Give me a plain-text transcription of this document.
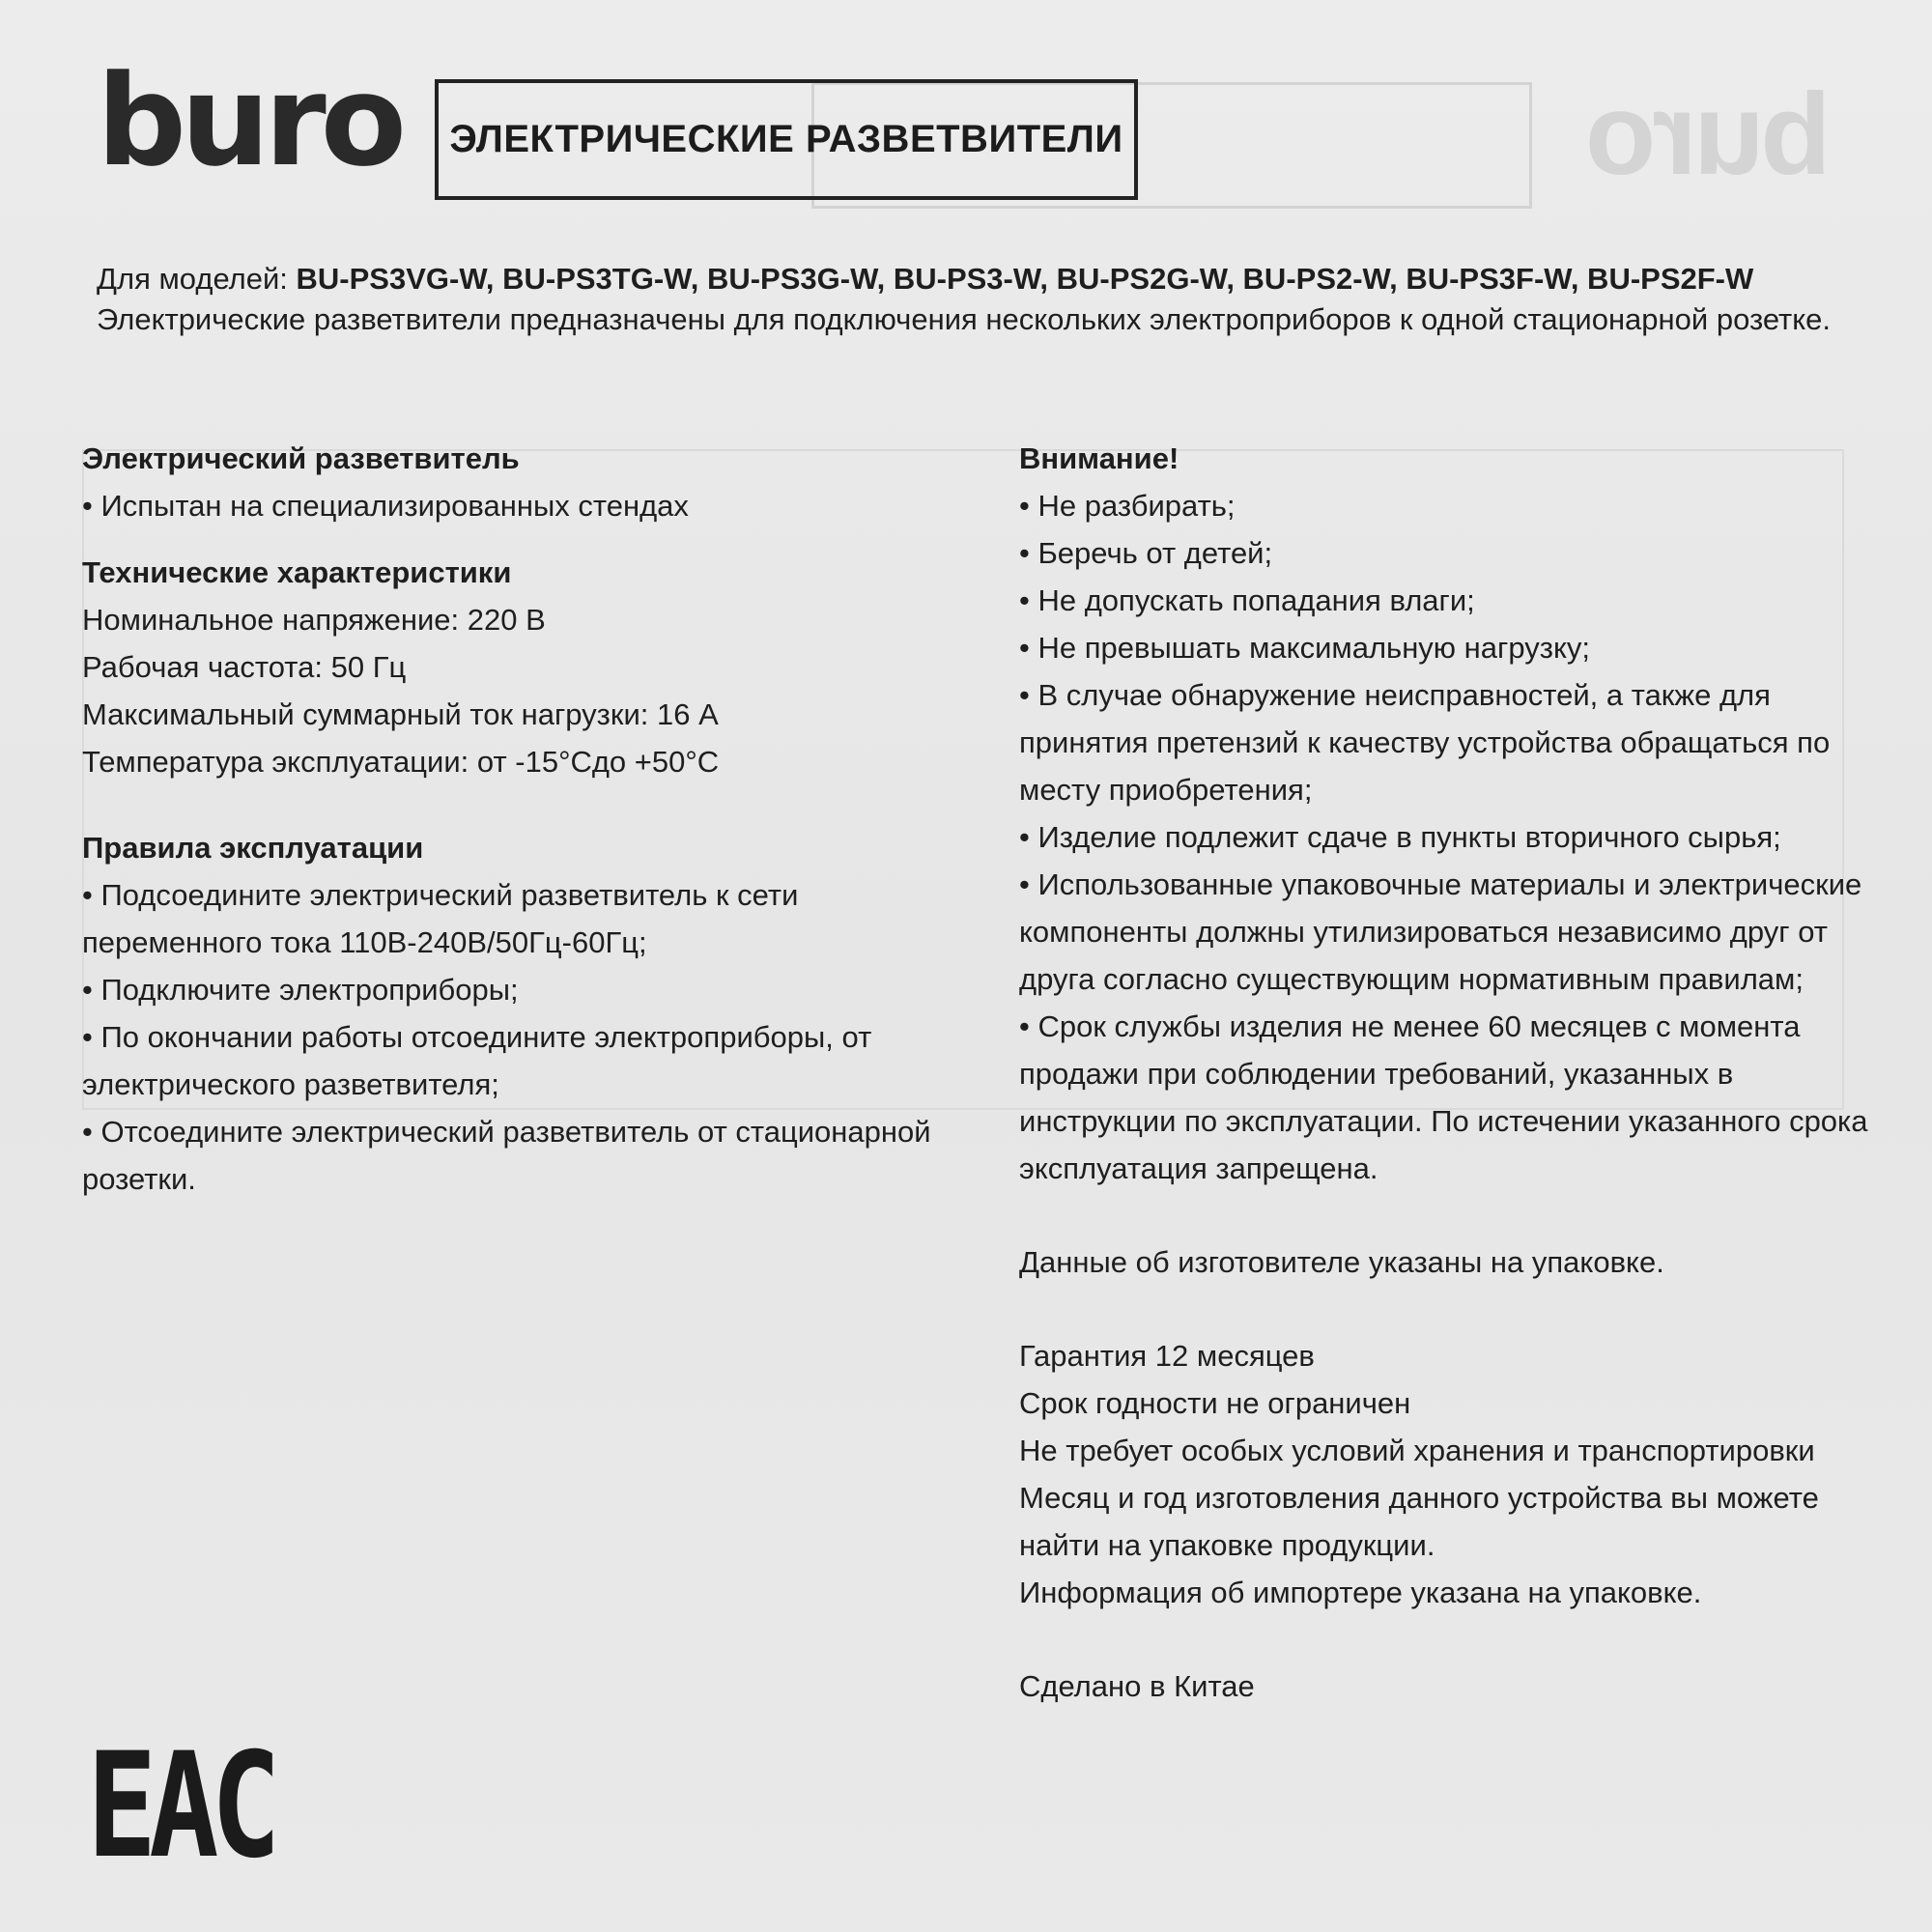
buro
buro ЭЛЕКТРИЧЕСКИЕ РАЗВЕТВИТЕЛИ
Для моделей: BU-PS3VG-W, BU-PS3TG-W, BU-PS3G-W, BU-PS3-W, BU-PS2G-W, BU-PS2-W, BU-PS3F-W, BU-PS2F-W
Электрические разветвители предназначены для подключения нескольких электроприборов к одной стационарной розетке.
Электрический разветвитель
• Испытан на специализированных стендах
Технические характеристики
Номинальное напряжение: 220 В
Рабочая частота: 50 Гц
Максимальный суммарный ток нагрузки: 16 А
Температура эксплуатации: от -15°Сдо +50°С
Правила эксплуатации
• Подсоедините электрический разветвитель к сети
переменного тока 110В-240В/50Гц-60Гц;
• Подключите электроприборы;
• По окончании работы отсоедините электроприборы, от
электрического разветвителя;
• Отсоедините электрический разветвитель от стационарной
розетки.
Внимание!
• Не разбирать;
• Беречь от детей;
• Не допускать попадания влаги;
• Не превышать максимальную нагрузку;
• В случае обнаружение неисправностей, а также для
принятия претензий к качеству устройства обращаться по
месту приобретения;
• Изделие подлежит сдаче в пункты вторичного сырья;
• Использованные упаковочные материалы и электрические
компоненты должны утилизироваться независимо друг от
друга согласно существующим нормативным правилам;
• Срок службы изделия не менее 60 месяцев с момента
продажи при соблюдении требований, указанных в
инструкции по эксплуатации. По истечении указанного срока
эксплуатация запрещена.
Данные об изготовителе указаны на упаковке.
Гарантия 12 месяцев
Срок годности не ограничен
Не требует особых условий хранения и транспортировки
Месяц и год изготовления данного устройства вы можете
найти на упаковке продукции.
Информация об импортере указана на упаковке.
Сделано в Китае
EAC
